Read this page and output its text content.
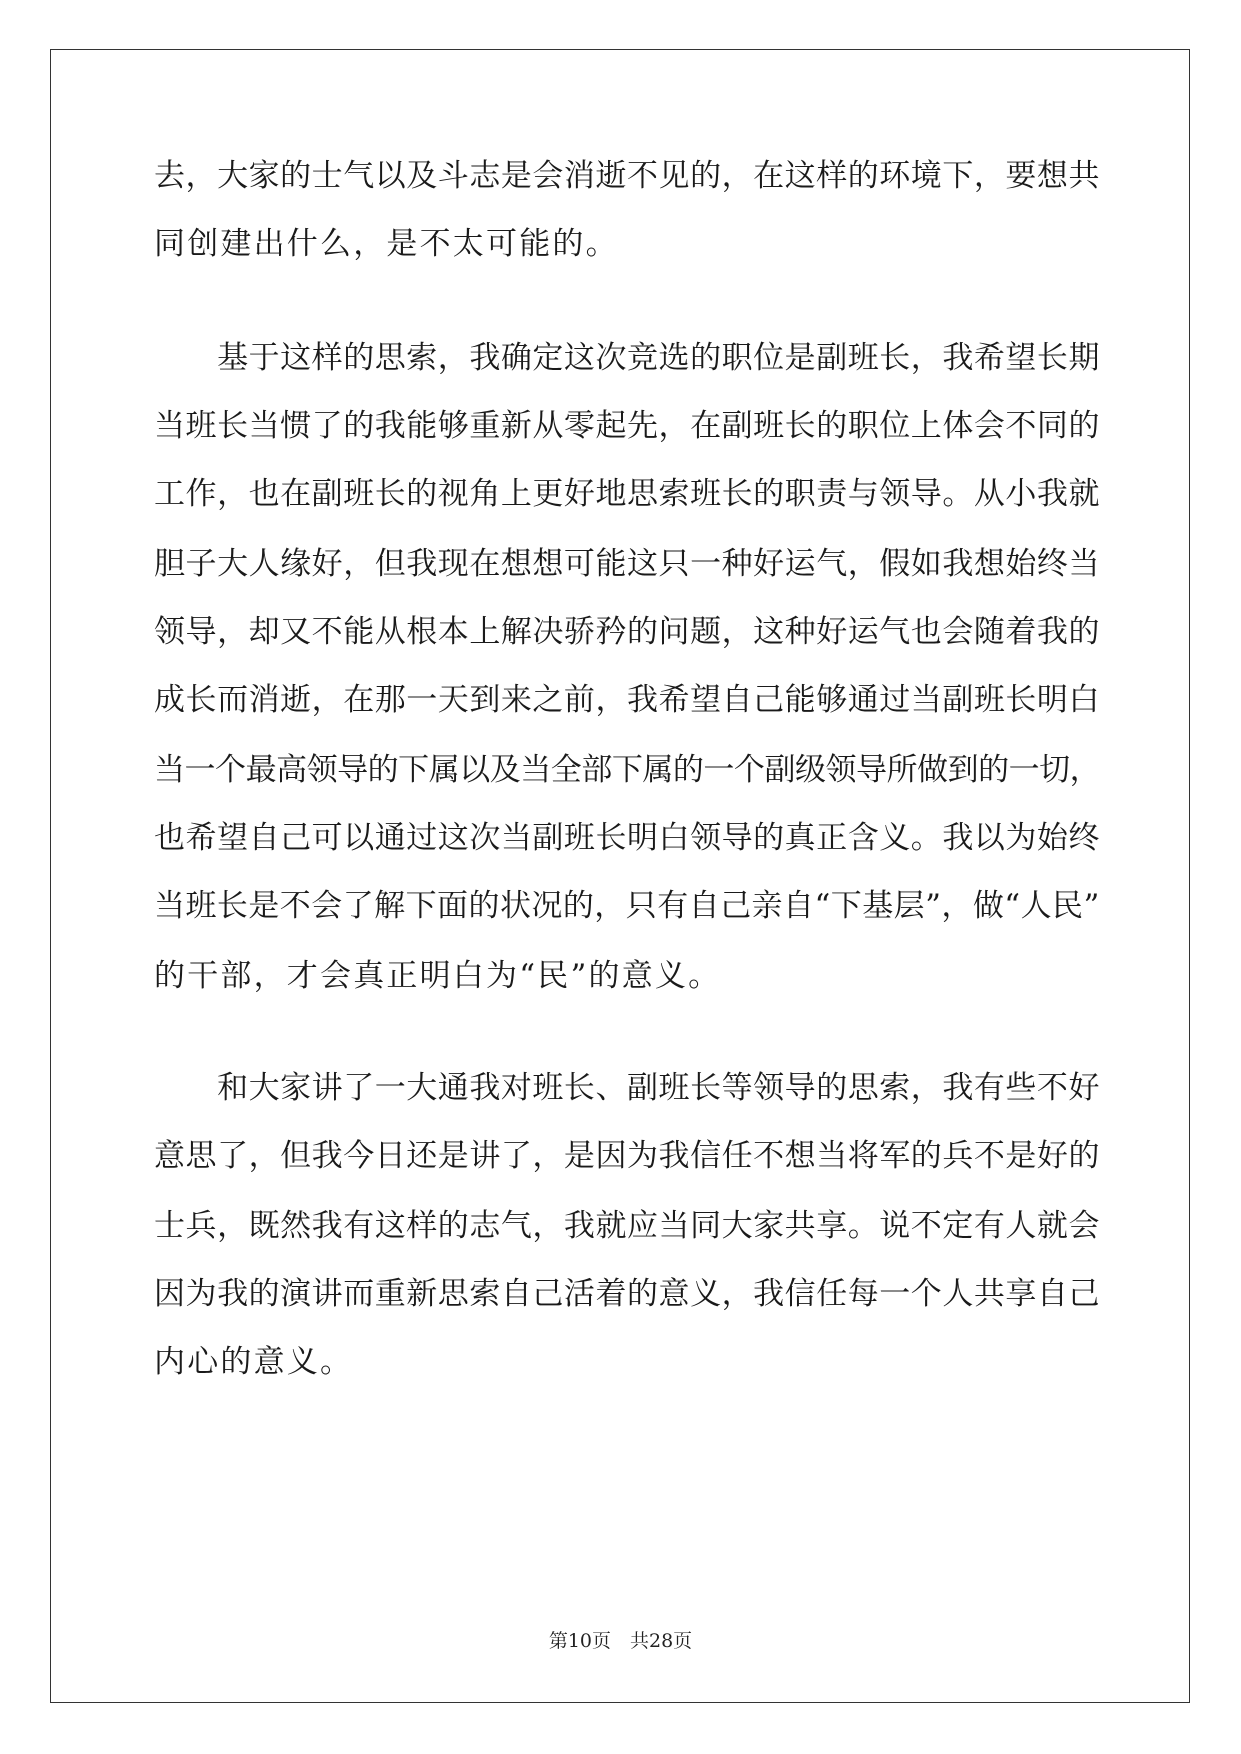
去，大家的士气以及斗志是会消逝不见的，在这样的环境下，要想共
同创建出什么，是不太可能的。
　　基于这样的思索，我确定这次竞选的职位是副班长，我希望长期
当班长当惯了的我能够重新从零起先，在副班长的职位上体会不同的
工作，也在副班长的视角上更好地思索班长的职责与领导。从小我就
胆子大人缘好，但我现在想想可能这只一种好运气，假如我想始终当
领导，却又不能从根本上解决骄矜的问题，这种好运气也会随着我的
成长而消逝，在那一天到来之前，我希望自己能够通过当副班长明白
当一个最高领导的下属以及当全部下属的一个副级领导所做到的一切，
也希望自己可以通过这次当副班长明白领导的真正含义。我以为始终
当班长是不会了解下面的状况的，只有自己亲自“下基层”，做“人民”
的干部，才会真正明白为“民”的意义。
　　和大家讲了一大通我对班长、副班长等领导的思索，我有些不好
意思了，但我今日还是讲了，是因为我信任不想当将军的兵不是好的
士兵，既然我有这样的志气，我就应当同大家共享。说不定有人就会
因为我的演讲而重新思索自己活着的意义，我信任每一个人共享自己
内心的意义。
第10页　共28页
